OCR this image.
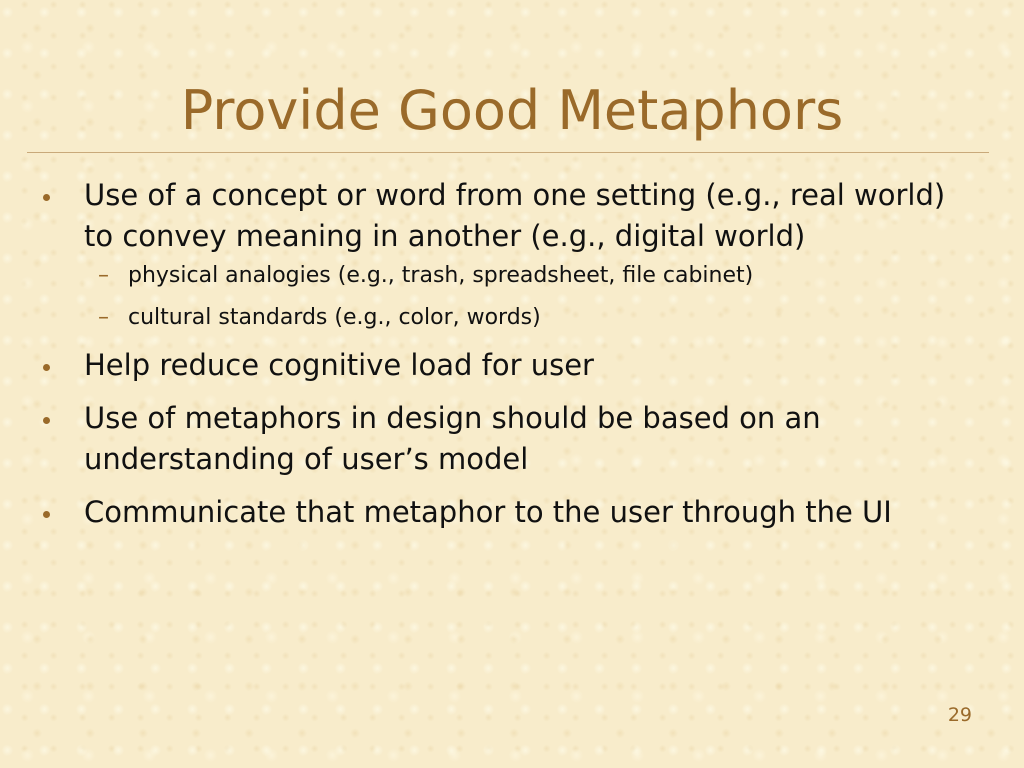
Provide Good Metaphors
Use of a concept or word from one setting (e.g., real world) to convey meaning in another (e.g., digital world)
– physical analogies (e.g., trash, spreadsheet, file cabinet)
– cultural standards (e.g., color, words)
Help reduce cognitive load for user
Use of metaphors in design should be based on an understanding of user’s model
Communicate that metaphor to the user through the UI
29
